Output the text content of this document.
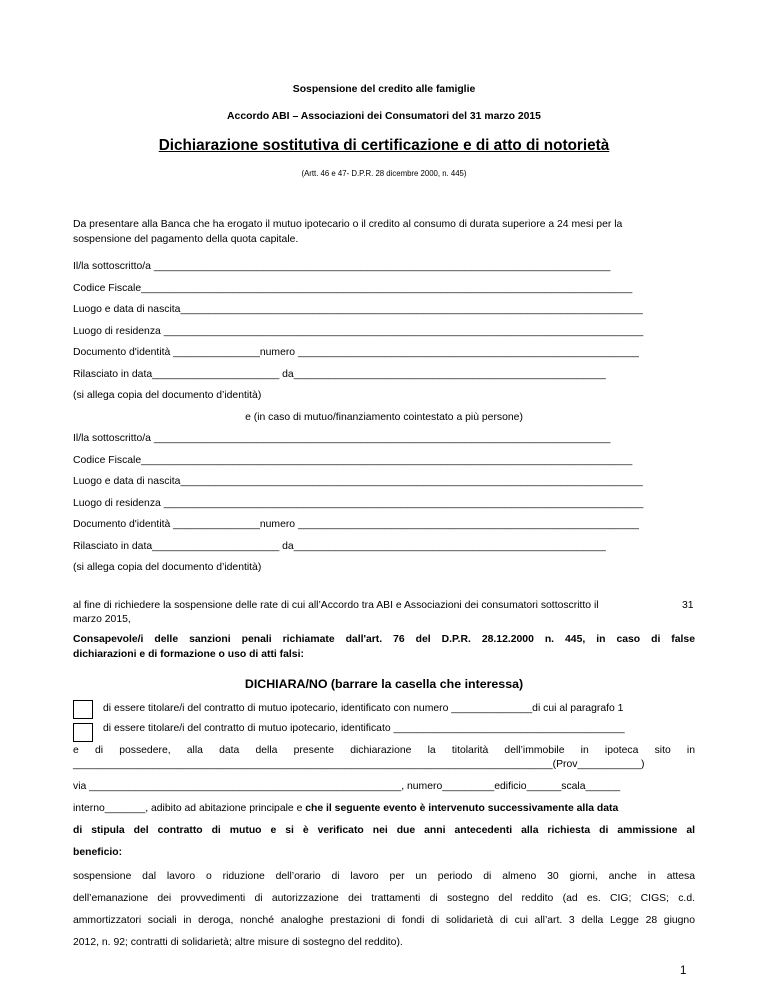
Sospensione del credito alle famiglie
Accordo ABI – Associazioni dei Consumatori del 31 marzo 2015
Dichiarazione sostitutiva di certificazione e di atto di notorietà
(Artt. 46 e 47- D.P.R. 28 dicembre 2000, n. 445)
Da presentare alla Banca che ha erogato il mutuo ipotecario o il credito al consumo di durata superiore a 24 mesi per la
sospensione del pagamento della quota capitale.
Il/la sottoscritto/a _______________________________________________________________________________
Codice Fiscale_____________________________________________________________________________________
Luogo e data di nascita________________________________________________________________________________
Luogo di residenza ___________________________________________________________________________________
Documento d'identità _______________numero ___________________________________________________________
Rilasciato in data______________________ da______________________________________________________
(si allega copia del documento d’identità)
e (in caso di mutuo/finanziamento cointestato a più persone)
Il/la sottoscritto/a _______________________________________________________________________________
Codice Fiscale_____________________________________________________________________________________
Luogo e data di nascita________________________________________________________________________________
Luogo di residenza ___________________________________________________________________________________
Documento d'identità _______________numero ___________________________________________________________
Rilasciato in data______________________ da______________________________________________________
(si allega copia del documento d’identità)
al fine di richiedere la sospensione delle rate di cui all’Accordo tra ABI e Associazioni dei consumatori sottoscritto il	31
marzo 2015,
Consapevole/i delle sanzioni penali richiamate dall'art. 76 del D.P.R. 28.12.2000 n. 445, in caso di false
dichiarazioni e di formazione o uso di atti falsi:
DICHIARA/NO (barrare la casella che interessa)
di essere titolare/i del contratto di mutuo ipotecario, identificato con numero ______________di cui al paragrafo 1
di essere titolare/i del contratto di mutuo ipotecario, identificato ________________________________________
e di possedere, alla data della presente dichiarazione la titolarità dell’immobile in ipoteca sito in
___________________________________________________________________________________(Prov___________)
via ______________________________________________________, numero_________edificio______scala______
interno_______, adibito ad abitazione principale e che il seguente evento è intervenuto successivamente alla data
di stipula del contratto di mutuo e si è verificato nei due anni antecedenti alla richiesta di ammissione al
beneficio:
sospensione dal lavoro o riduzione dell’orario di lavoro per un periodo di almeno 30 giorni, anche in attesa
dell’emanazione dei provvedimenti di autorizzazione dei trattamenti di sostegno del reddito (ad es. CIG; CIGS; c.d.
ammortizzatori sociali in deroga, nonché analoghe prestazioni di fondi di solidarietà di cui all’art. 3 della Legge 28 giugno
2012, n. 92; contratti di solidarietà; altre misure di sostegno del reddito).
1
